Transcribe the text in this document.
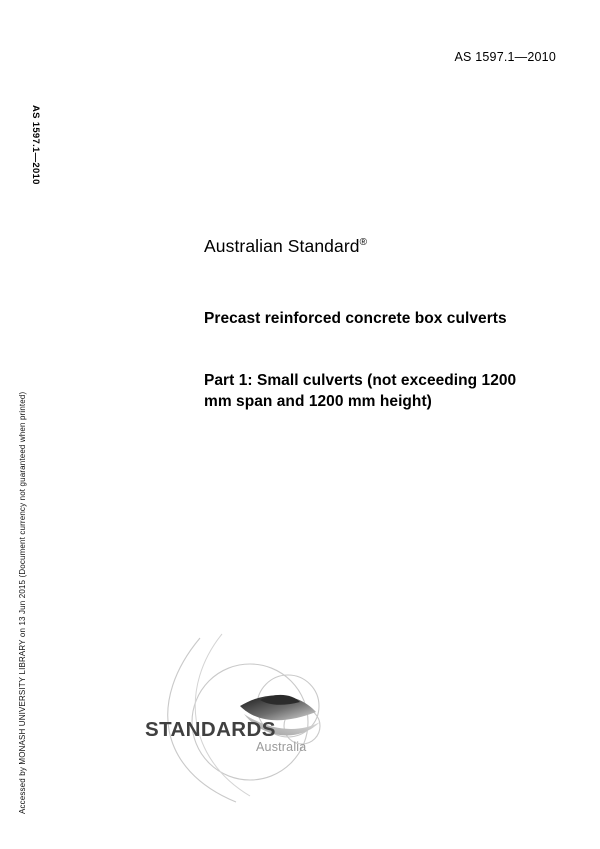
AS 1597.1—2010
AS 1597.1—2010
Accessed by MONASH UNIVERSITY LIBRARY on 13 Jun 2015 (Document currency not guaranteed when printed)
Australian Standard®
Precast reinforced concrete box culverts
Part 1: Small culverts (not exceeding 1200 mm span and 1200 mm height)
STANDARDS
Australia
